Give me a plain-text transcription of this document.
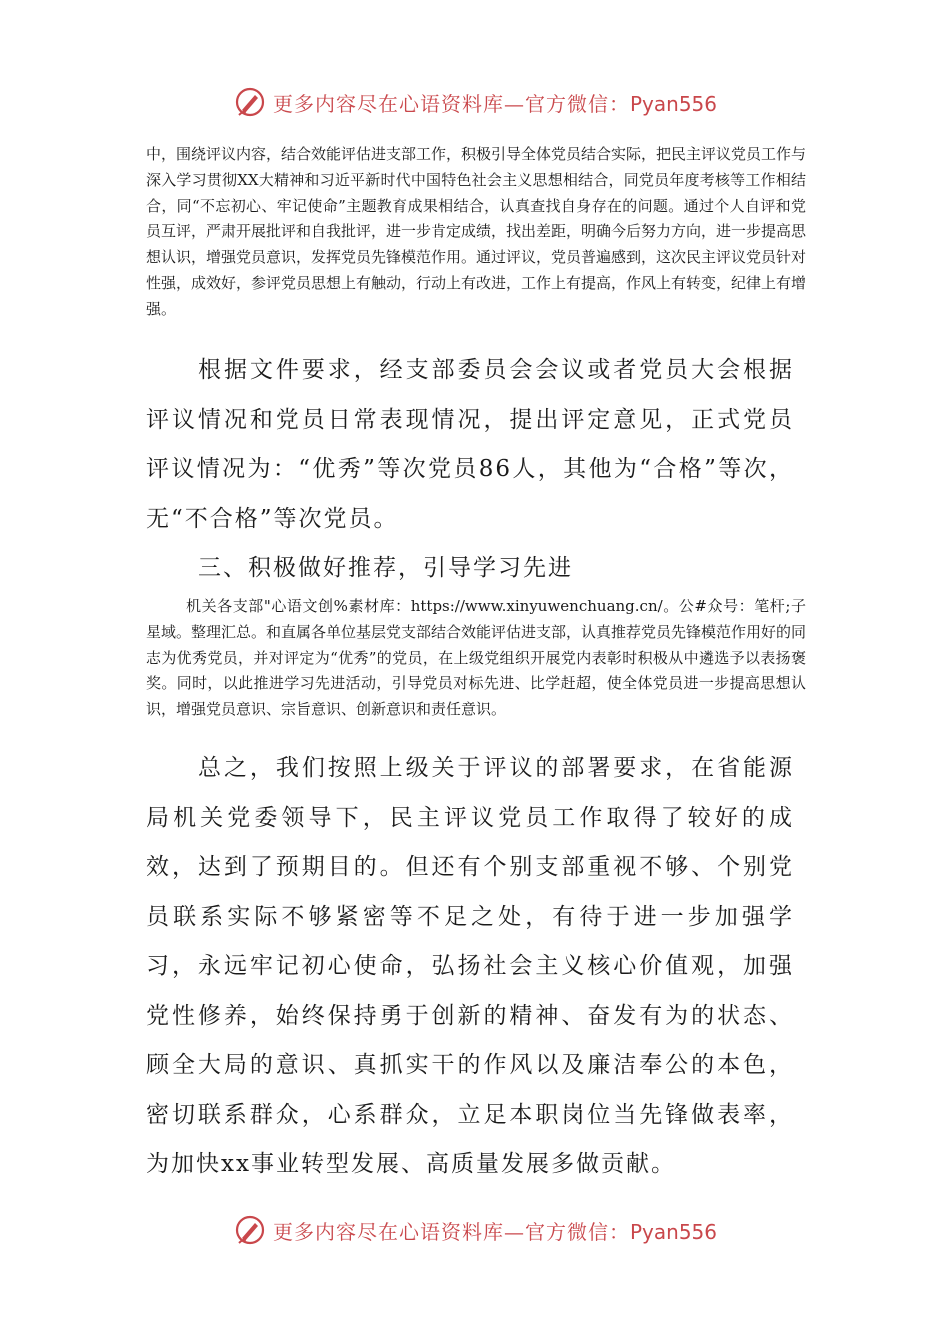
更多内容尽在心语资料库—官方微信：Pyan556

中，围绕评议内容，结合效能评估进支部工作，积极引导全体党员结合实际，把民主评议党员工作与深入学习贯彻XX大精神和习近平新时代中国特色社会主义思想相结合，同党员年度考核等工作相结合，同“不忘初心、牢记使命”主题教育成果相结合，认真查找自身存在的问题。通过个人自评和党员互评，严肃开展批评和自我批评，进一步肯定成绩，找出差距，明确今后努力方向，进一步提高思想认识，增强党员意识，发挥党员先锋模范作用。通过评议，党员普遍感到，这次民主评议党员针对性强，成效好，参评党员思想上有触动，行动上有改进，工作上有提高，作风上有转变，纪律上有增强。

根据文件要求，经支部委员会会议或者党员大会根据评议情况和党员日常表现情况，提出评定意见，正式党员评议情况为：“优秀”等次党员86人，其他为“合格”等次，无“不合格”等次党员。

三、积极做好推荐，引导学习先进

机关各支部"心语文创%素材库：https://www.xinyuwenchuang.cn/。公#众号：笔杆;子星域。整理汇总。和直属各单位基层党支部结合效能评估进支部，认真推荐党员先锋模范作用好的同志为优秀党员，并对评定为“优秀”的党员，在上级党组织开展党内表彰时积极从中遴选予以表扬褒奖。同时，以此推进学习先进活动，引导党员对标先进、比学赶超，使全体党员进一步提高思想认识，增强党员意识、宗旨意识、创新意识和责任意识。

总之，我们按照上级关于评议的部署要求，在省能源局机关党委领导下，民主评议党员工作取得了较好的成效，达到了预期目的。但还有个别支部重视不够、个别党员联系实际不够紧密等不足之处，有待于进一步加强学习，永远牢记初心使命，弘扬社会主义核心价值观，加强党性修养，始终保持勇于创新的精神、奋发有为的状态、顾全大局的意识、真抓实干的作风以及廉洁奉公的本色，密切联系群众，心系群众，立足本职岗位当先锋做表率，为加快xx事业转型发展、高质量发展多做贡献。

更多内容尽在心语资料库—官方微信：Pyan556
